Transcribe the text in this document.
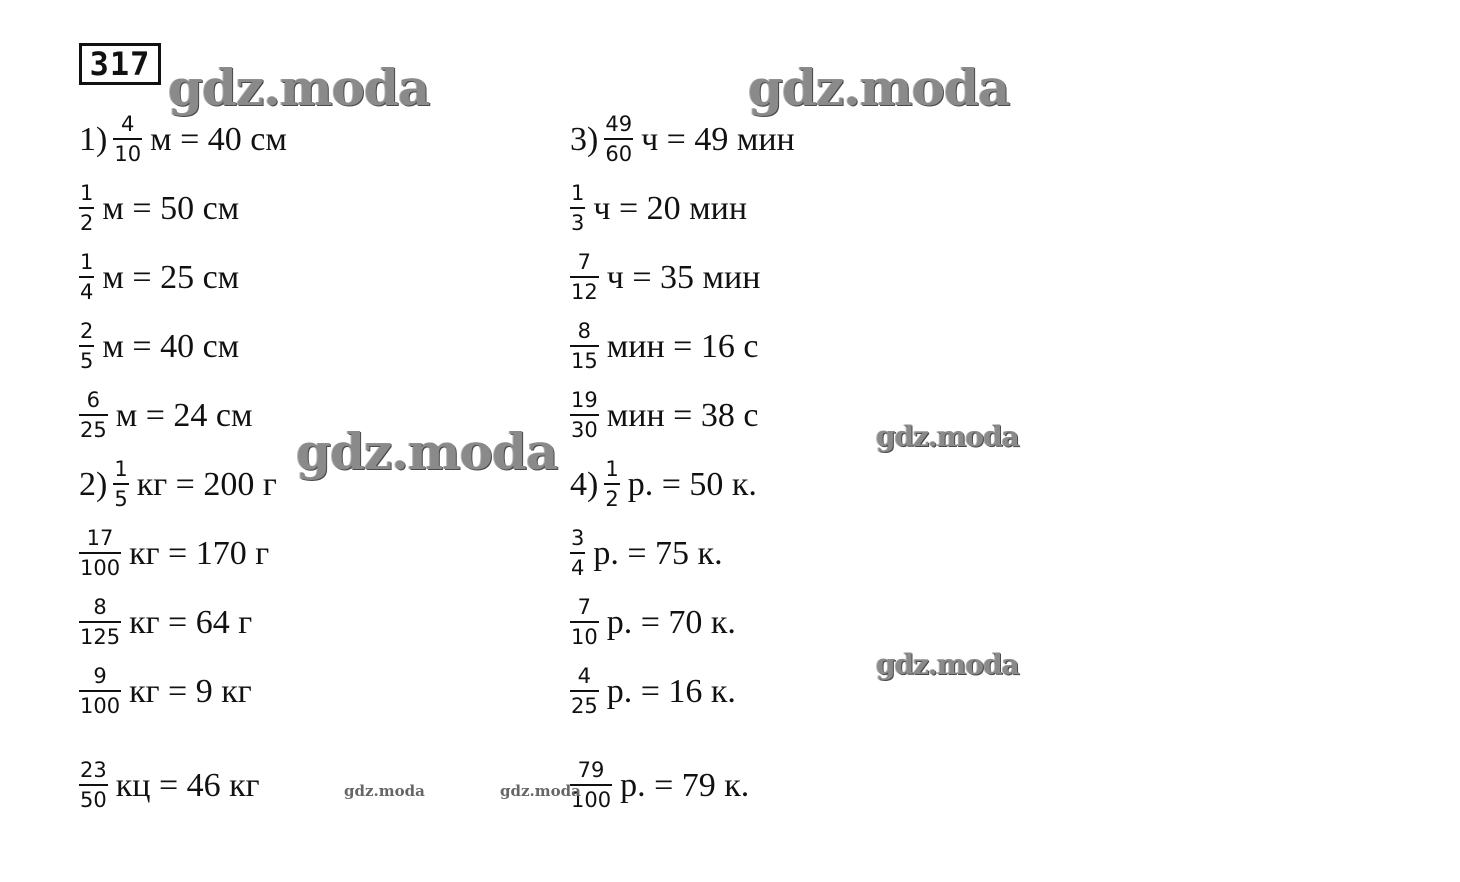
317
$1) \frac{4}{10}$ м = 40 см
$\frac{1}{2}$ м = 50 см
$\frac{1}{4}$ м = 25 см
$\frac{2}{5}$ м = 40 см
$\frac{6}{25}$ м = 24 см
$2) \frac{1}{5}$ кг = 200 г
$\frac{17}{100}$ кг = 170 г
$\frac{8}{125}$ кг = 64 г
$\frac{9}{100}$ кг = 9 кг
$\frac{23}{50}$ кц = 46 кг
$3) \frac{49}{60}$ ч = 49 мин
$\frac{1}{3}$ ч = 20 мин
$\frac{7}{12}$ ч = 35 мин
$\frac{8}{15}$ мин = 16 с
$\frac{19}{30}$ мин = 38 с
$4) \frac{1}{2} р$. = 50 к.
$\frac{3}{4} р$. = 75 к.
$\frac{7}{10} р$. = 70 к.
$\frac{4}{25} р$. = 16 к.
$\frac{79}{100} р$. = 79 к.
gdz.moda	gdz.moda
gdz.moda	gdz.moda
gdz.moda
gdz.moda	gdz.moda
